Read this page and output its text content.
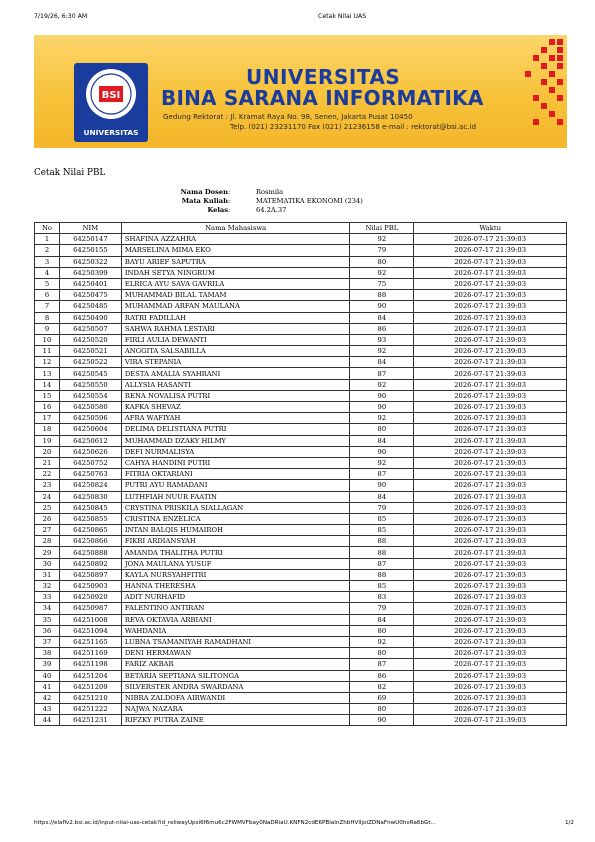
7/19/26, 6:30 AM	Cetak Nilai UAS
BSI
UNIVERSITAS
UNIVERSITAS
BINA SARANA INFORMATIKA
Gedung Rektorat : Jl. Kramat Raya No. 98, Senen, Jakarta Pusat 10450
Telp. (021) 23231170 Fax (021) 21236158 e-mail : rektorat@bsi.ac.id
Cetak Nilai PBL
Nama Dosen :	Rosmila
Mata Kuliah :	MATEMATIKA EKONOMI (234)
Kelas :	64.2A.37
No	NIM	Nama Mahasiswa	Nilai PBL	Waktu
1	64250147	SHAFINA AZZAHRA	92	2026-07-17 21:39:03
2	64250155	MARSELINA MIMA EKO	79	2026-07-17 21:39:03
3	64250322	BAYU ARIEF SAPUTRA	80	2026-07-17 21:39:03
4	64250399	INDAH SETYA NINGRUM	92	2026-07-17 21:39:03
5	64250401	ELRICA AYU SAVA GAVRILA	75	2026-07-17 21:39:03
6	64250475	MUHAMMAD BILAL TAMAM	88	2026-07-17 21:39:03
7	64250485	MUHAMMAD ARFAN MAULANA	90	2026-07-17 21:39:03
8	64250490	RATRI FADILLAH	84	2026-07-17 21:39:03
9	64250507	SAHWA RAHMA LESTARI	86	2026-07-17 21:39:03
10	64250520	FIRLI AULIA DEWANTI	93	2026-07-17 21:39:03
11	64250521	ANGGITA SALSABILLA	92	2026-07-17 21:39:03
12	64250522	VIRA STEPANIA	84	2026-07-17 21:39:03
13	64250545	DESTA AMALIA SYAHRANI	87	2026-07-17 21:39:03
14	64250550	ALLYSIA HASANTI	92	2026-07-17 21:39:03
15	64250554	RENA NOVALISA PUTRI	90	2026-07-17 21:39:03
16	64250580	KAFKA SHEVAZ	90	2026-07-17 21:39:03
17	64250596	AFRA WAFIYAH	92	2026-07-17 21:39:03
18	64250604	DELIMA DELISTIANA PUTRI	80	2026-07-17 21:39:03
19	64250612	MUHAMMAD DZAKY HILMY	84	2026-07-17 21:39:03
20	64250626	DEFI NURMALISYA	90	2026-07-17 21:39:03
21	64250752	CAHYA HANDINI PUTRI	92	2026-07-17 21:39:03
22	64250763	FITRIA OKTARIANI	87	2026-07-17 21:39:03
23	64250824	PUTRI AYU RAMADANI	90	2026-07-17 21:39:03
24	64250830	LUTHFIAH NUUR FAATIN	84	2026-07-17 21:39:03
25	64250845	CRYSTINA PRISKILA SIALLAGAN	79	2026-07-17 21:39:03
26	64250855	CRISTINA ENZELICA	85	2026-07-17 21:39:03
27	64250865	INTAN BALQIS HUMAIROH	85	2026-07-17 21:39:03
28	64250866	FIKRI ARDIANSYAH	88	2026-07-17 21:39:03
29	64250888	AMANDA THALITHA PUTRI	88	2026-07-17 21:39:03
30	64250892	JONA MAULANA YUSUF	87	2026-07-17 21:39:03
31	64250897	KAYLA NURSYAHFITRI	88	2026-07-17 21:39:03
32	64250903	HANNA THERESHA	85	2026-07-17 21:39:03
33	64250920	ADIT NURHAFID	83	2026-07-17 21:39:03
34	64250987	FALENTINO ANTIRAN	79	2026-07-17 21:39:03
35	64251008	REVA OKTAVIA ARBIANI	84	2026-07-17 21:39:03
36	64251094	WAHDANIA	80	2026-07-17 21:39:03
37	64251165	LUBNA TSAMANIYAH RAMADHANI	92	2026-07-17 21:39:03
38	64251169	DENI HERMAWAN	80	2026-07-17 21:39:03
39	64251198	FARIZ AKBAR	87	2026-07-17 21:39:03
40	64251204	BETARIA SEPTIANA SILITONGA	86	2026-07-17 21:39:03
41	64251209	SILVERSTER ANDRA SWARDANA	82	2026-07-17 21:39:03
42	64251210	NIBRA ZALDOFA AIRWANDI	69	2026-07-17 21:39:03
43	64251222	NAJWA NAZARA	80	2026-07-17 21:39:03
44	64251231	RIFZKY PUTRA ZAINE	90	2026-07-17 21:39:03
https://elaflv2.bsi.ac.id/input-nilai-uas-cetak?id_reliwayUpsi6f6mu6c2FWMVFbay0NaDRiaU.KNFN2cdE6PBlaInZhbHVlIjoiZDNaFnwU0hvRa6bGt...	1/2
